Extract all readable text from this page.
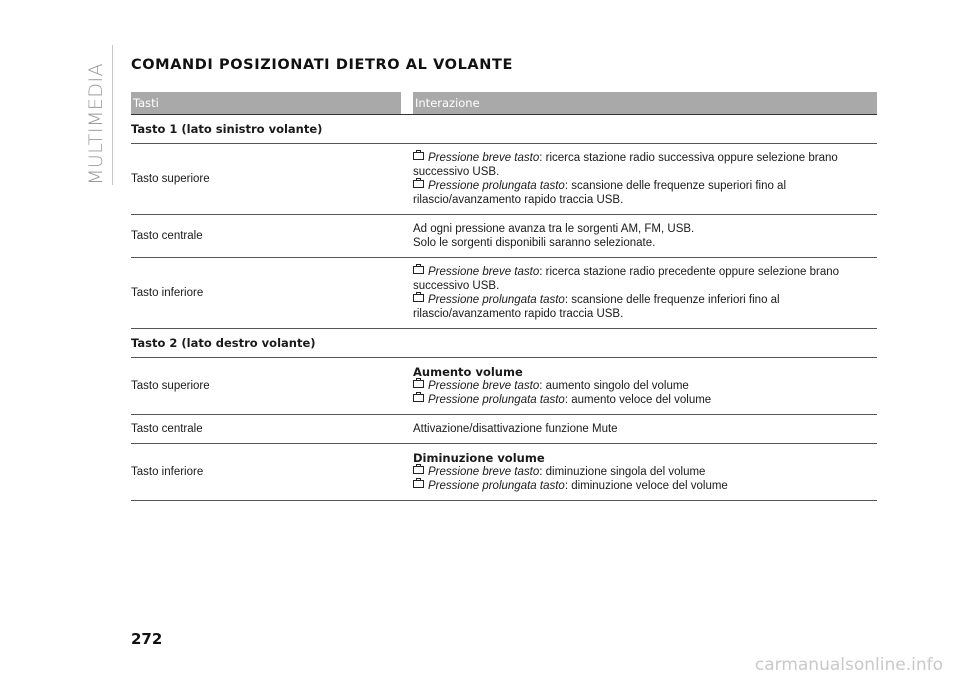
MULTIMEDIA COMANDI POSIZIONATI DIETRO AL VOLANTE
Tasti	Interazione
Tasto 1 (lato sinistro volante)
Tasto superiore
Pressione breve tasto: ricerca stazione radio successiva oppure selezione brano successivo USB.
Pressione prolungata tasto: scansione delle frequenze superiori fino al rilascio/avanzamento rapido traccia USB.
Tasto centrale
Ad ogni pressione avanza tra le sorgenti AM, FM, USB.
Solo le sorgenti disponibili saranno selezionate.
Tasto inferiore
Pressione breve tasto: ricerca stazione radio precedente oppure selezione brano successivo USB.
Pressione prolungata tasto: scansione delle frequenze inferiori fino al rilascio/avanzamento rapido traccia USB.
Tasto 2 (lato destro volante)
Tasto superiore
Aumento volume
Pressione breve tasto: aumento singolo del volume
Pressione prolungata tasto: aumento veloce del volume
Tasto centrale	Attivazione/disattivazione funzione Mute
Tasto inferiore
Diminuzione volume
Pressione breve tasto: diminuzione singola del volume
Pressione prolungata tasto: diminuzione veloce del volume
272
carmanualsonline.info
